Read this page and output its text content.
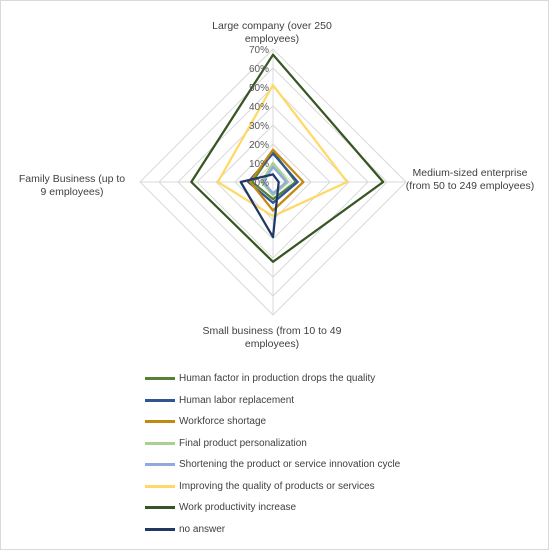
0%
10%
20%
30%
40%
50%
60%
70%
Large company (over 250 employees)
Medium-sized enterprise (from 50 to 249 employees)
Small business (from 10 to 49 employees)
Family Business (up to 9 employees)
Human factor in production drops the quality
Human labor replacement
Workforce shortage
Final product personalization
Shortening the product or service innovation cycle
Improving the quality of products or services
Work productivity increase
no answer
